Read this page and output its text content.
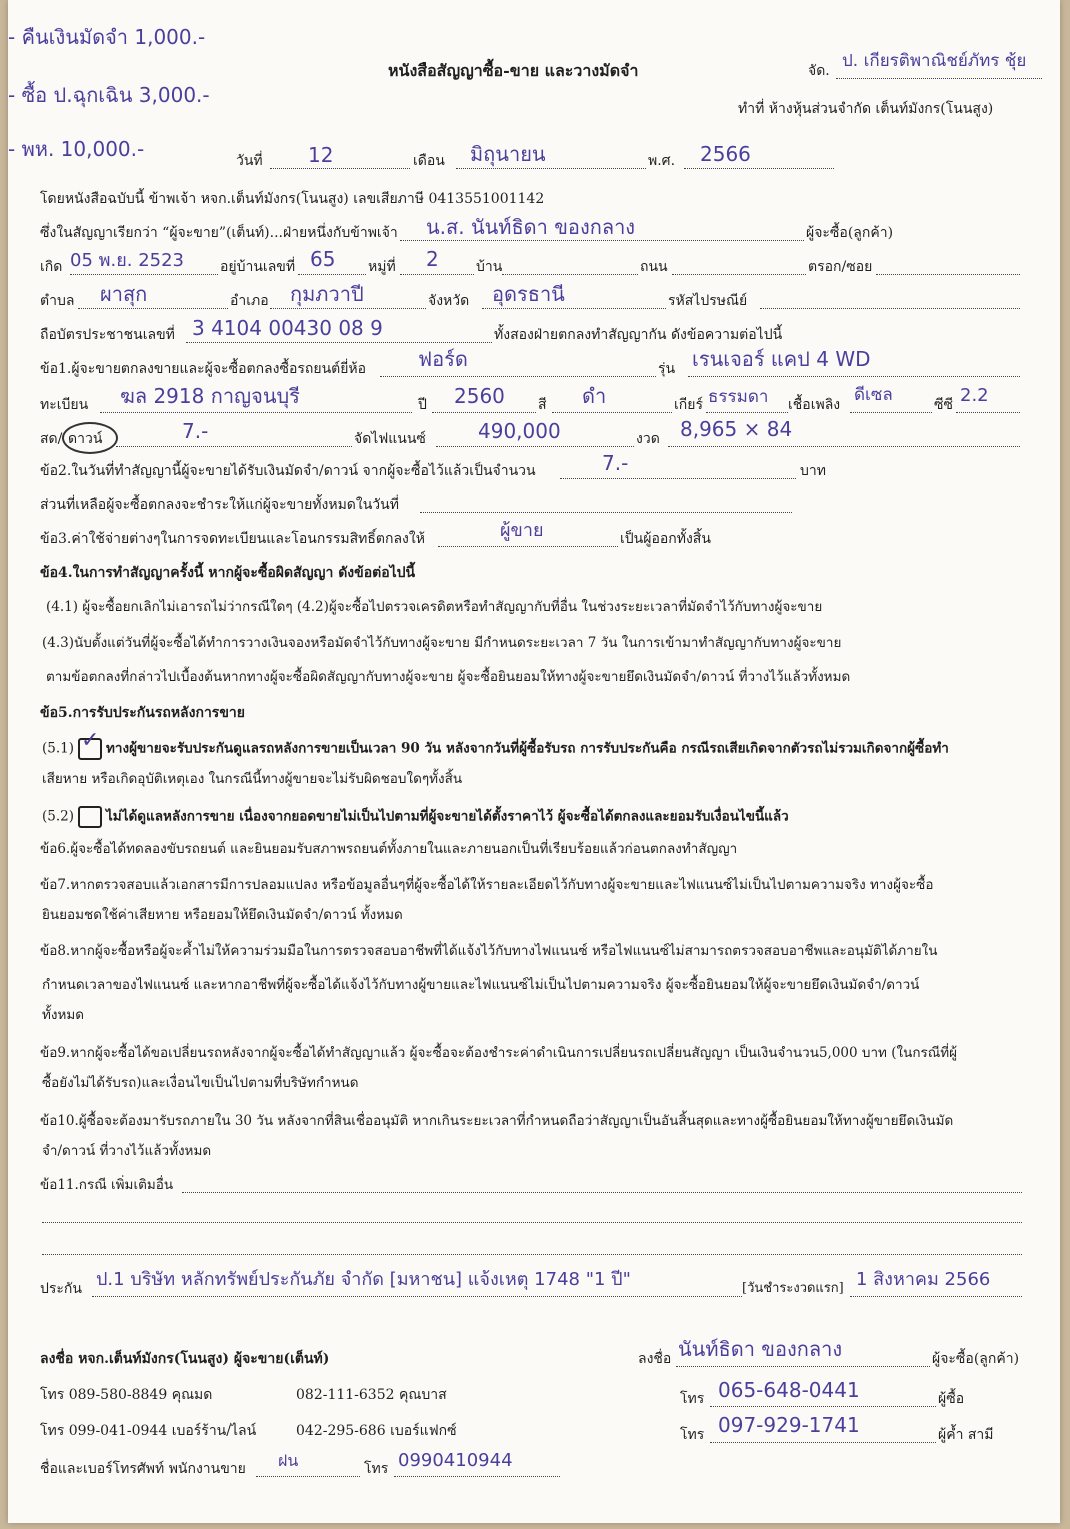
- คืนเงินมัดจำ 1,000.-
- ซื้อ ป.ฉุกเฉิน 3,000.-
- พห. 10,000.-
หนังสือสัญญาซื้อ-ขาย และวางมัดจำ	จัด. ป. เกียรติพาณิชย์ภัทร ชุ้ย
ทำที่ ห้างหุ้นส่วนจำกัด เต็นท์มังกร(โนนสูง)
วันที่ 12	เดือน มิถุนายน	พ.ศ. 2566
โดยหนังสือฉบับนี้ ข้าพเจ้า หจก.เต็นท์มังกร(โนนสูง) เลขเสียภาษี 0413551001142
ซึ่งในสัญญาเรียกว่า “ผู้จะขาย”(เต็นท์)...ฝ่ายหนึ่งกับข้าพเจ้า น.ส. นันท์ธิดา ของกลาง	ผู้จะซื้อ(ลูกค้า)
เกิด 05 พ.ย. 2523	อยู่บ้านเลขที่ 65 หมู่ที่ 2	บ้าน	ถนน	ตรอก/ซอย
ตำบล ผาสุก	อำเภอ กุมภวาปี	จังหวัด อุดรธานี	รหัสไปรษณีย์
ถือบัตรประชาชนเลขที่ 3 4104 00430 08 9	ทั้งสองฝ่ายตกลงทำสัญญากัน ดังข้อความต่อไปนี้
ข้อ1.ผู้จะขายตกลงขายและผู้จะซื้อตกลงซื้อรถยนต์ยี่ห้อ	ฟอร์ด	รุ่น เรนเจอร์ แคป 4 WD
ทะเบียน ฆล 2918 กาญจนบุรี	ปี 2560 สี ดำ	เกียร์ ธรรมดา เชื้อเพลิง ดีเซล	ซีซี 2.2
สด/ ดาวน์	7.-	จัดไฟแนนซ์	490,000	งวด 8,965 × 84
ข้อ2.ในวันที่ทำสัญญานี้ผู้จะขายได้รับเงินมัดจำ/ดาวน์ จากผู้จะซื้อไว้แล้วเป็นจำนวน	7.-	บาท
ส่วนที่เหลือผู้จะซื้อตกลงจะชำระให้แก่ผู้จะขายทั้งหมดในวันที่
ข้อ3.ค่าใช้จ่ายต่างๆในการจดทะเบียนและโอนกรรมสิทธิ์ตกลงให้	ผู้ขาย	เป็นผู้ออกทั้งสิ้น
ข้อ4.ในการทำสัญญาครั้งนี้ หากผู้จะซื้อผิดสัญญา ดังข้อต่อไปนี้
(4.1) ผู้จะซื้อยกเลิกไม่เอารถไม่ว่ากรณีใดๆ (4.2)ผู้จะซื้อไปตรวจเครดิตหรือทำสัญญากับที่อื่น ในช่วงระยะเวลาที่มัดจำไว้กับทางผู้จะขาย
(4.3)นับตั้งแต่วันที่ผู้จะซื้อได้ทำการวางเงินจองหรือมัดจำไว้กับทางผู้จะขาย มีกำหนดระยะเวลา 7 วัน ในการเข้ามาทำสัญญากับทางผู้จะขาย
ตามข้อตกลงที่กล่าวไปเบื้องต้นหากทางผู้จะซื้อผิดสัญญากับทางผู้จะขาย ผู้จะซื้อยินยอมให้ทางผู้จะขายยึดเงินมัดจำ/ดาวน์ ที่วางไว้แล้วทั้งหมด
ข้อ5.การรับประกันรถหลังการขาย
(5.1) ✓ ทางผู้ขายจะรับประกันดูแลรถหลังการขายเป็นเวลา 90 วัน หลังจากวันที่ผู้ซื้อรับรถ การรับประกันคือ กรณีรถเสียเกิดจากตัวรถไม่รวมเกิดจากผู้ซื้อทำ
เสียหาย หรือเกิดอุบัติเหตุเอง ในกรณีนี้ทางผู้ขายจะไม่รับผิดชอบใดๆทั้งสิ้น
(5.2) ไม่ได้ดูแลหลังการขาย เนื่องจากยอดขายไม่เป็นไปตามที่ผู้จะขายได้ตั้งราคาไว้ ผู้จะซื้อได้ตกลงและยอมรับเงื่อนไขนี้แล้ว
ข้อ6.ผู้จะซื้อได้ทดลองขับรถยนต์ และยินยอมรับสภาพรถยนต์ทั้งภายในและภายนอกเป็นที่เรียบร้อยแล้วก่อนตกลงทำสัญญา
ข้อ7.หากตรวจสอบแล้วเอกสารมีการปลอมแปลง หรือข้อมูลอื่นๆที่ผู้จะซื้อได้ให้รายละเอียดไว้กับทางผู้จะขายและไฟแนนซ์ไม่เป็นไปตามความจริง ทางผู้จะซื้อ
ยินยอมชดใช้ค่าเสียหาย หรือยอมให้ยึดเงินมัดจำ/ดาวน์ ทั้งหมด
ข้อ8.หากผู้จะซื้อหรือผู้จะค้ำไม่ให้ความร่วมมือในการตรวจสอบอาชีพที่ได้แจ้งไว้กับทางไฟแนนซ์ หรือไฟแนนซ์ไม่สามารถตรวจสอบอาชีพและอนุมัติได้ภายใน
กำหนดเวลาของไฟแนนซ์ และหากอาชีพที่ผู้จะซื้อได้แจ้งไว้กับทางผู้ขายและไฟแนนซ์ไม่เป็นไปตามความจริง ผู้จะซื้อยินยอมให้ผู้จะขายยึดเงินมัดจำ/ดาวน์
ทั้งหมด
ข้อ9.หากผู้จะซื้อได้ขอเปลี่ยนรถหลังจากผู้จะซื้อได้ทำสัญญาแล้ว ผู้จะซื้อจะต้องชำระค่าดำเนินการเปลี่ยนรถเปลี่ยนสัญญา เป็นเงินจำนวน5,000 บาท (ในกรณีที่ผู้
ซื้อยังไม่ได้รับรถ)และเงื่อนไขเป็นไปตามที่บริษัทกำหนด
ข้อ10.ผู้ซื้อจะต้องมารับรถภายใน 30 วัน หลังจากที่สินเชื่ออนุมัติ หากเกินระยะเวลาที่กำหนดถือว่าสัญญาเป็นอันสิ้นสุดและทางผู้ซื้อยินยอมให้ทางผู้ขายยึดเงินมัด
จำ/ดาวน์ ที่วางไว้แล้วทั้งหมด
ข้อ11.กรณี เพิ่มเติมอื่น
ประกัน ป.1 บริษัท หลักทรัพย์ประกันภัย จำกัด [มหาชน] แจ้งเหตุ 1748 "1 ปี"	[วันชำระงวดแรก] 1 สิงหาคม 2566
ลงชื่อ หจก.เต็นท์มังกร(โนนสูง) ผู้จะขาย(เต็นท์)
โทร 089-580-8849 คุณมด	082-111-6352 คุณบาส
โทร 099-041-0944 เบอร์ร้าน/ไลน์	042-295-686 เบอร์แฟกซ์
ชื่อและเบอร์โทรศัพท์ พนักงานขาย ฝน	โทร 0990410944
ลงชื่อ นันท์ธิดา ของกลาง	ผู้จะซื้อ(ลูกค้า)
โทร 065-648-0441	ผู้ซื้อ
โทร 097-929-1741	ผู้ค้ำ สามี
